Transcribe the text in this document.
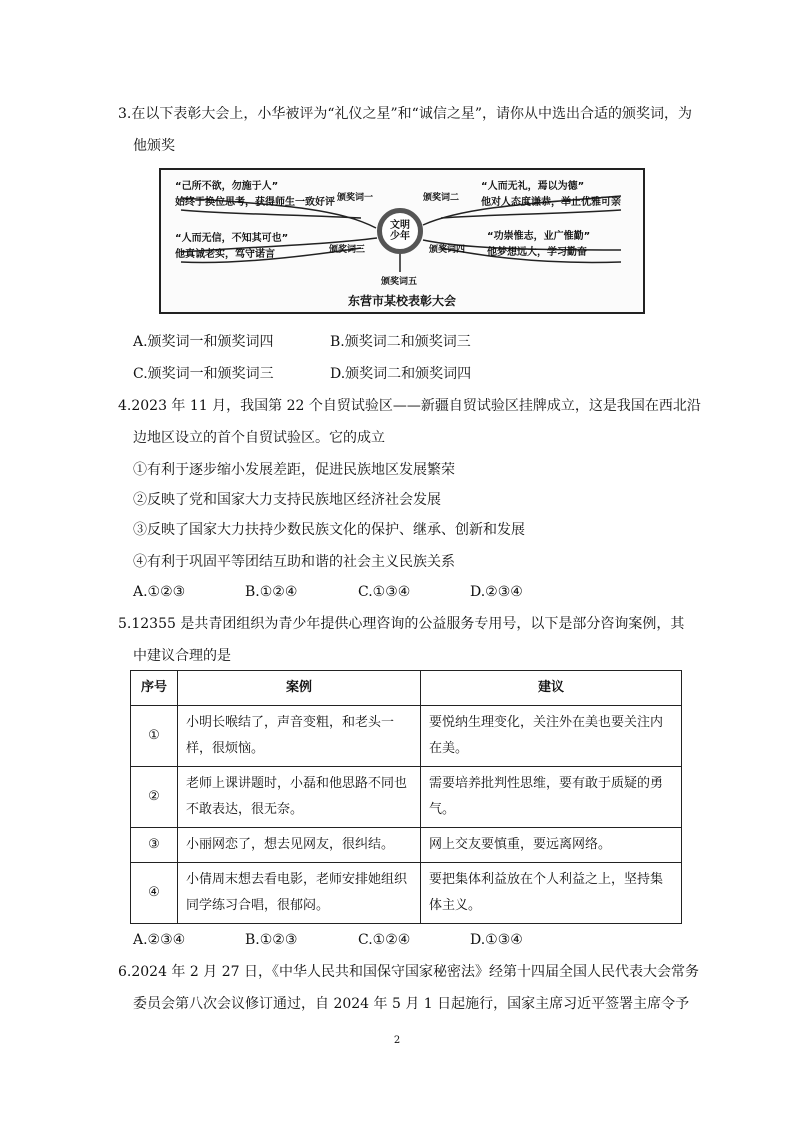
3.在以下表彰大会上，小华被评为“礼仪之星”和“诚信之星”，请你从中选出合适的颁奖词，为
他颁奖
“己所不欲，勿施于人”
始终于换位思考，获得师生一致好评
“人而无礼，焉以为德”
他对人态度谦恭，举止优雅可亲
“人而无信，不知其可也”
他真诚老实，笃守诺言
“功崇惟志，业广惟勤”
他梦想远大，学习勤奋
颁奖词一	颁奖词二
颁奖词三	颁奖词四
颁奖词五
文明
少年
东营市某校表彰大会
A.颁奖词一和颁奖词四	B.颁奖词二和颁奖词三
C.颁奖词一和颁奖词三	D.颁奖词二和颁奖词四
4.2023 年 11 月，我国第 22 个自贸试验区——新疆自贸试验区挂牌成立，这是我国在西北沿
边地区设立的首个自贸试验区。它的成立
①有利于逐步缩小发展差距，促进民族地区发展繁荣
②反映了党和国家大力支持民族地区经济社会发展
③反映了国家大力扶持少数民族文化的保护、继承、创新和发展
④有利于巩固平等团结互助和谐的社会主义民族关系
A.①②③	B.①②④	C.①③④	D.②③④
5.12355 是共青团组织为青少年提供心理咨询的公益服务专用号，以下是部分咨询案例，其
中建议合理的是
序号	案例	建议
①	小明长喉结了，声音变粗，和老头一样，很烦恼。	要悦纳生理变化，关注外在美也要关注内在美。
②	老师上课讲题时，小磊和他思路不同也不敢表达，很无奈。	需要培养批判性思维，要有敢于质疑的勇气。
③	小丽网恋了，想去见网友，很纠结。	网上交友要慎重，要远离网络。
④	小倩周末想去看电影，老师安排她组织同学练习合唱，很郁闷。	要把集体利益放在个人利益之上，坚持集体主义。
A.②③④	B.①②③	C.①②④	D.①③④
6.2024 年 2 月 27 日，《中华人民共和国保守国家秘密法》经第十四届全国人民代表大会常务
委员会第八次会议修订通过，自 2024 年 5 月 1 日起施行，国家主席习近平签署主席令予
2
